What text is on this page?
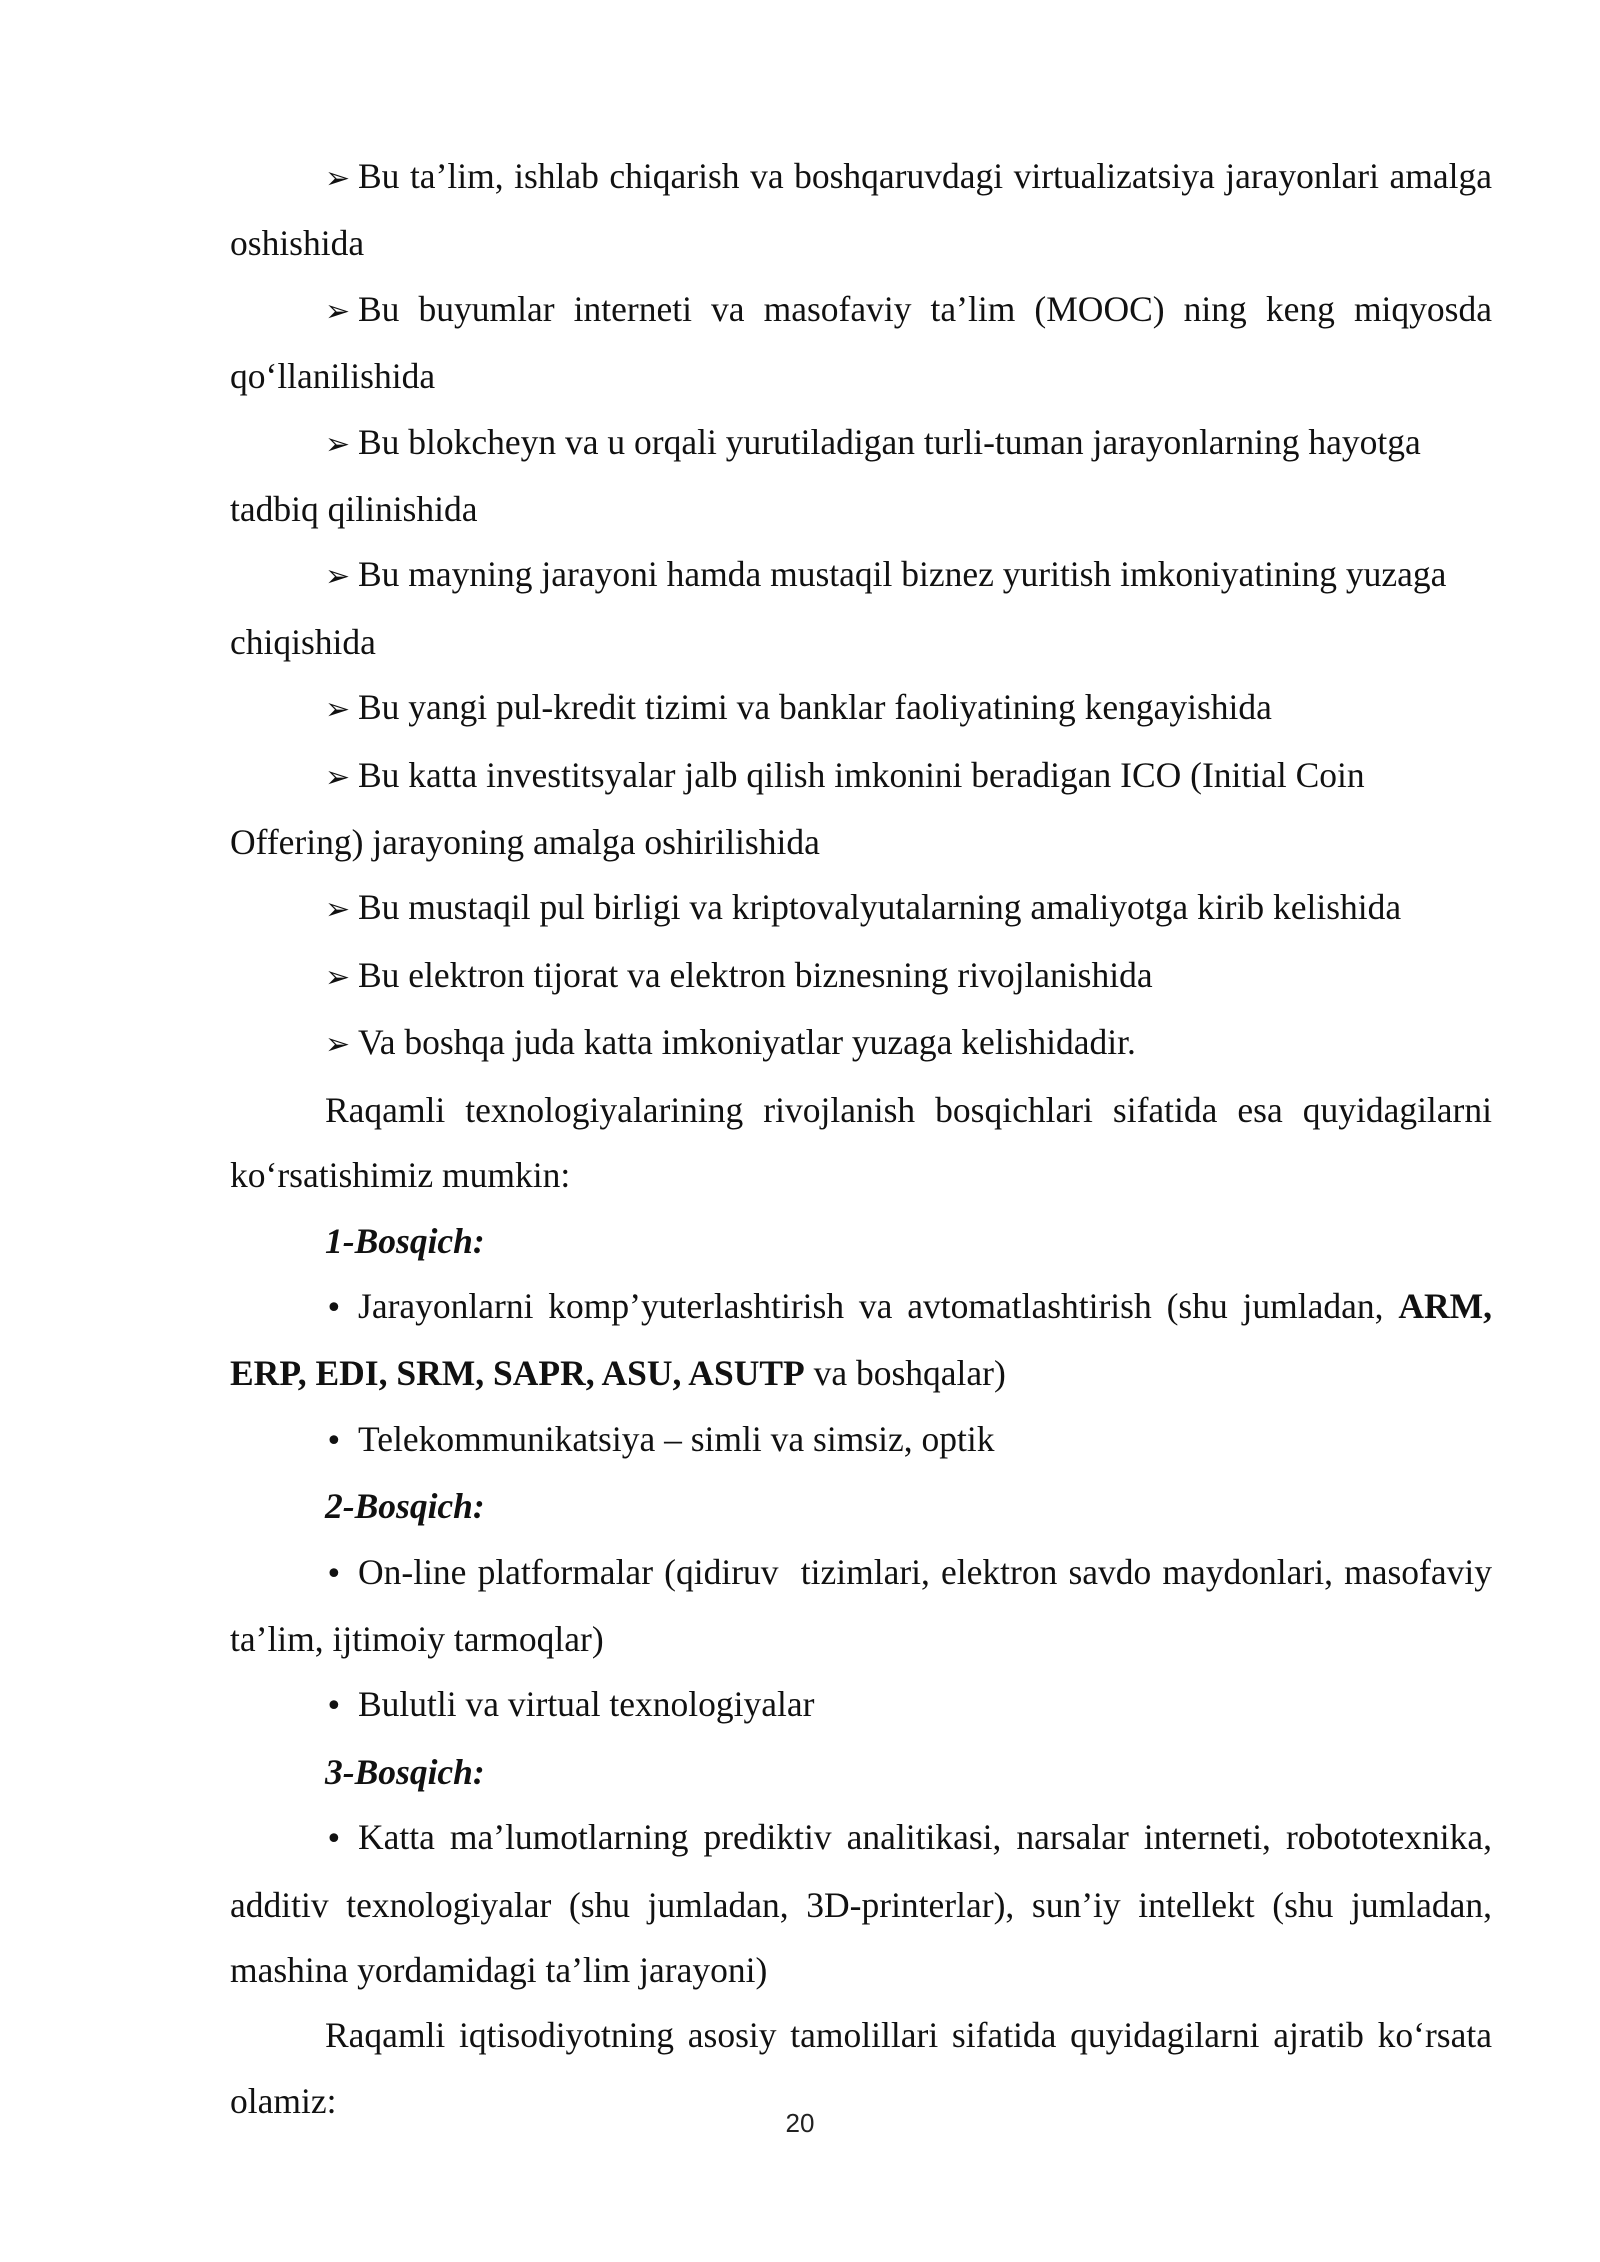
➢ Bu ta’lim, ishlab chiqarish va boshqaruvdagi virtualizatsiya jarayonlari amalga oshishida

➢ Bu buyumlar interneti va masofaviy ta’lim (MOOC) ning keng miqyosda qo‘llanilishida

➢ Bu blokcheyn va u orqali yurutiladigan turli-tuman jarayonlarning hayotga tadbiq qilinishida

➢ Bu mayning jarayoni hamda mustaqil biznez yuritish imkoniyatining yuzaga chiqishida

➢ Bu yangi pul-kredit tizimi va banklar faoliyatining kengayishida

➢ Bu katta investitsyalar jalb qilish imkonini beradigan ICO (Initial Coin Offering) jarayoning amalga oshirilishida

➢ Bu mustaqil pul birligi va kriptovalyutalarning amaliyotga kirib kelishida

➢ Bu elektron tijorat va elektron biznesning rivojlanishida

➢ Va boshqa juda katta imkoniyatlar yuzaga kelishidadir.

Raqamli texnologiyalarining rivojlanish bosqichlari sifatida esa quyidagilarni ko‘rsatishimiz mumkin:

1-Bosqich:

• Jarayonlarni komp’yuterlashtirish va avtomatlashtirish (shu jumladan, ARM, ERP, EDI, SRM, SAPR, ASU, ASUTP va boshqalar)

• Telekommunikatsiya – simli va simsiz, optik

2-Bosqich:

• On-line platformalar (qidiruv  tizimlari, elektron savdo maydonlari, masofaviy ta’lim, ijtimoiy tarmoqlar)

• Bulutli va virtual texnologiyalar

3-Bosqich:

• Katta ma’lumotlarning prediktiv analitikasi, narsalar interneti, robototexnika, additiv texnologiyalar (shu jumladan, 3D-printerlar), sun’iy intellekt (shu jumladan, mashina yordamidagi ta’lim jarayoni)

Raqamli iqtisodiyotning asosiy tamolillari sifatida quyidagilarni ajratib ko‘rsata olamiz:

20
